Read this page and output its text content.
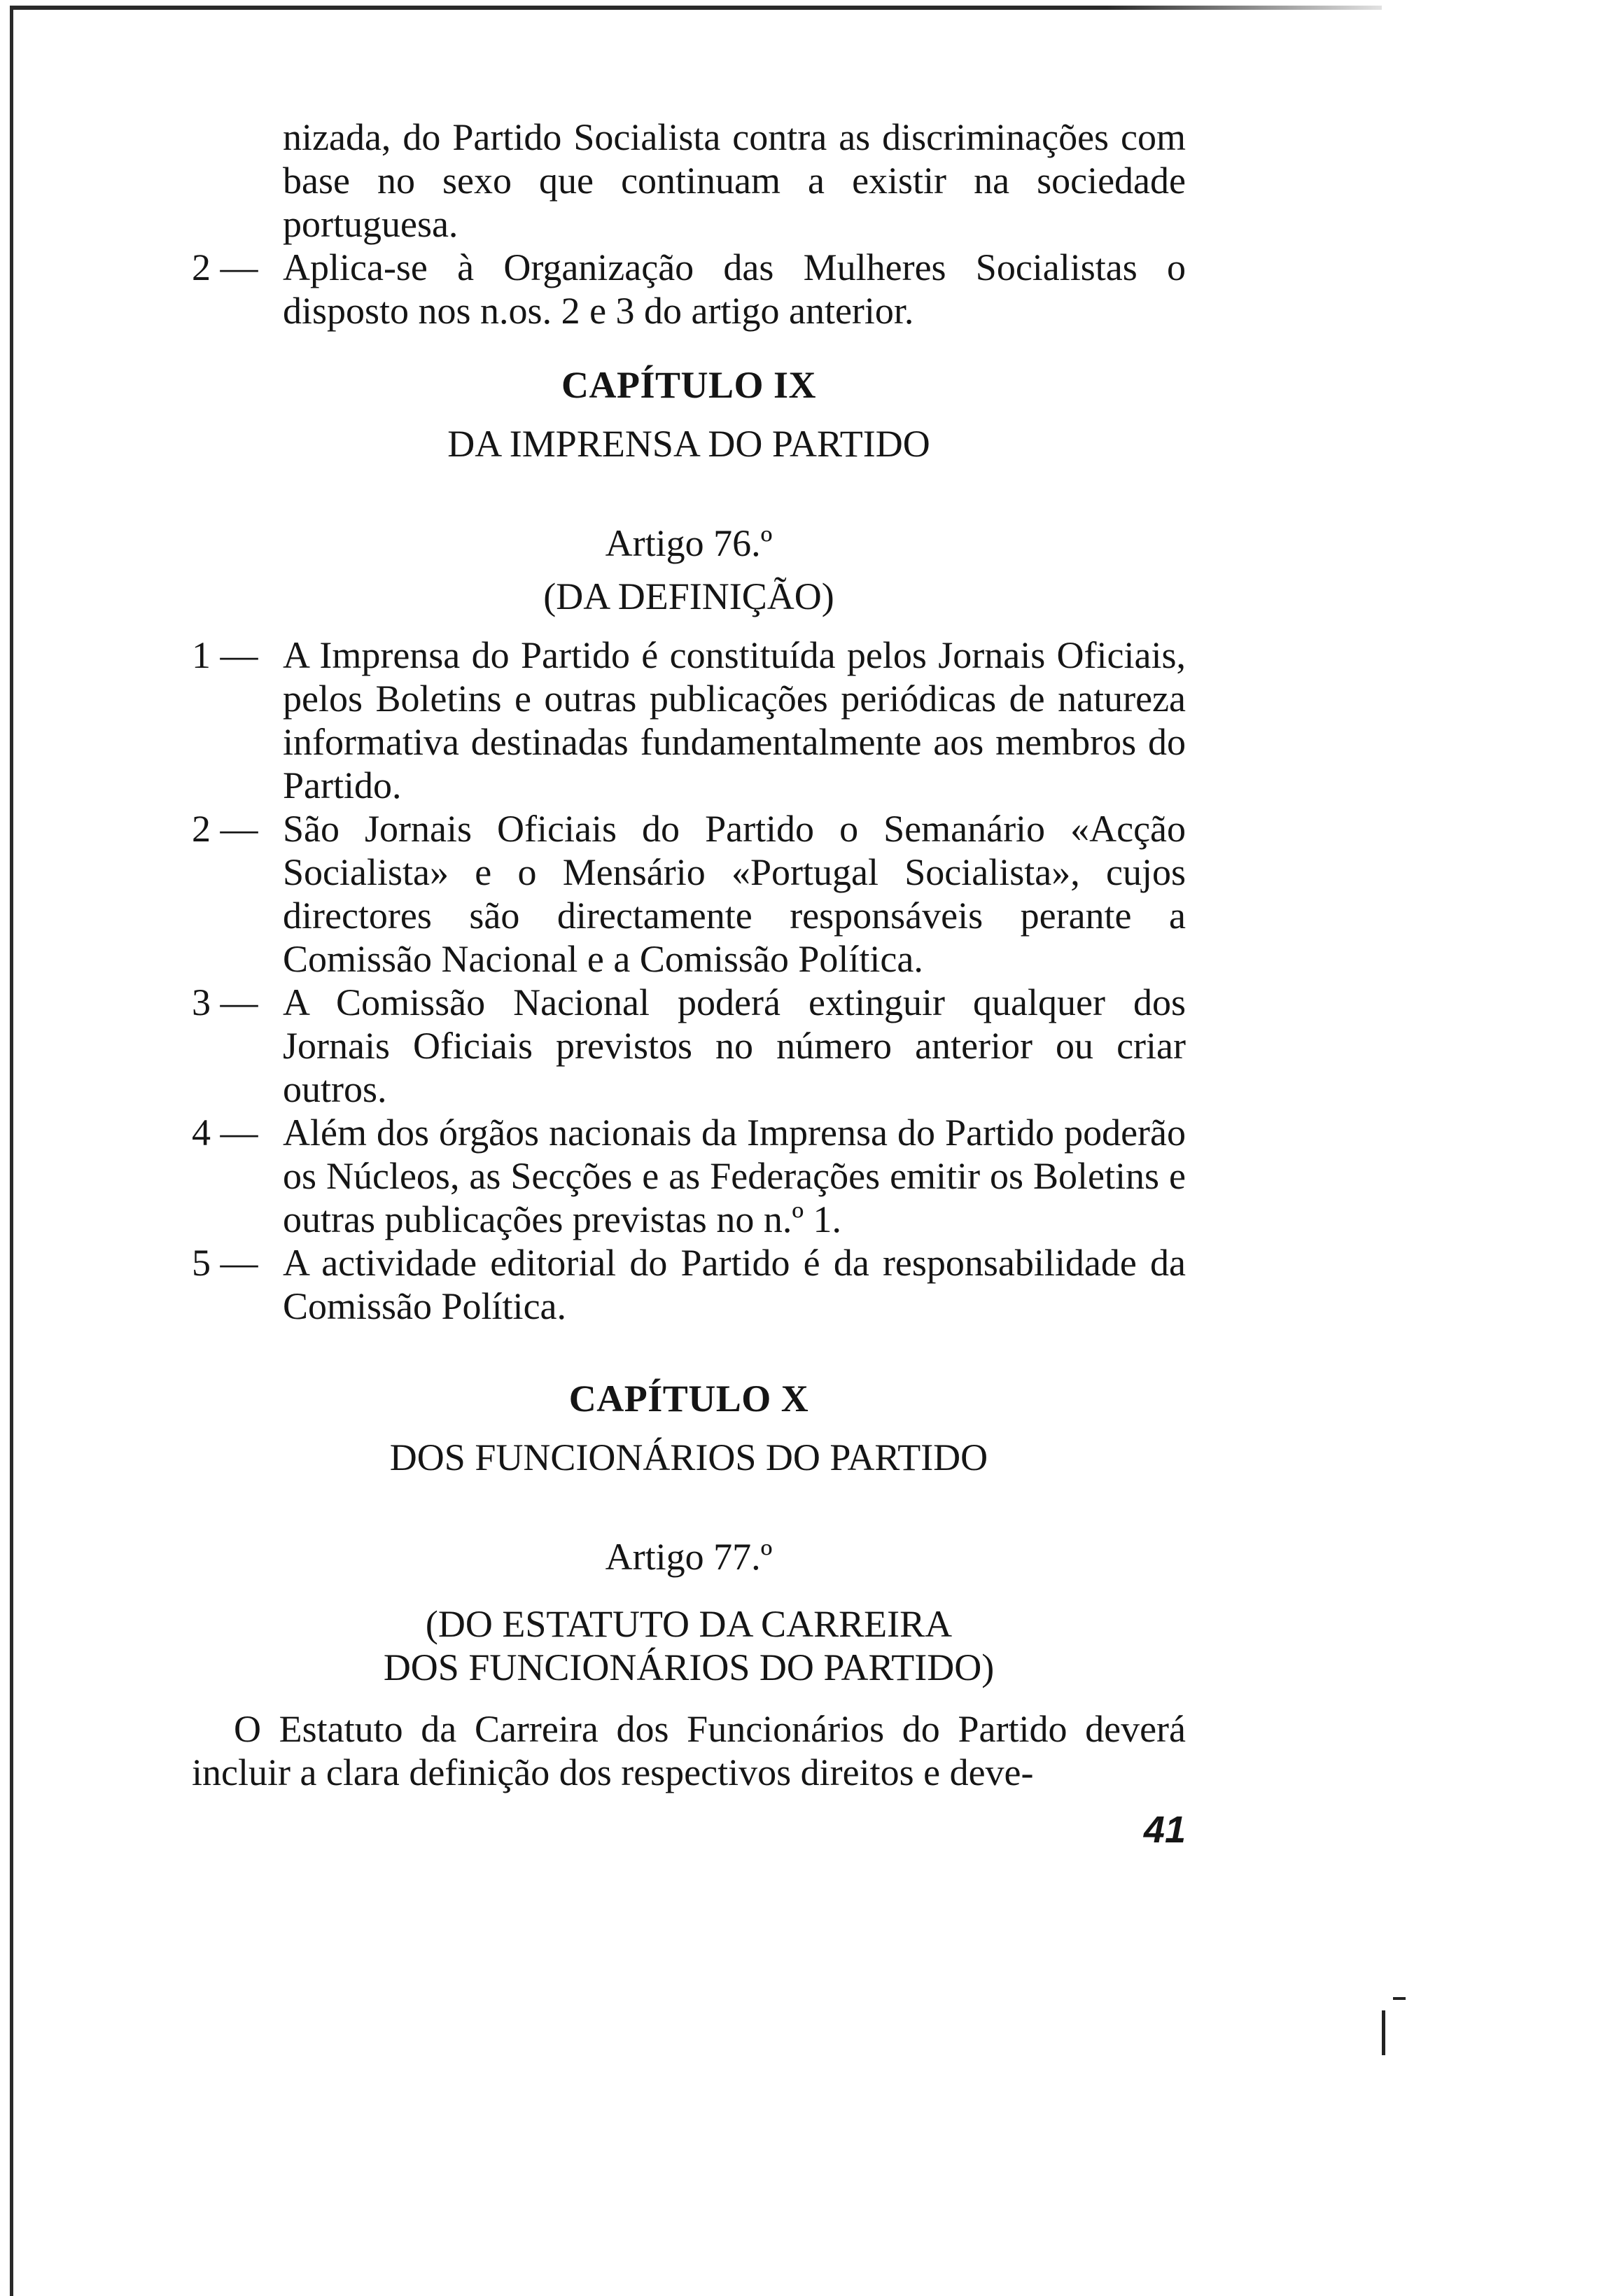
nizada, do Partido Socialista contra as discriminações com base no sexo que continuam a existir na sociedade portuguesa.
2 — Aplica-se à Organização das Mulheres Socialistas o disposto nos n.os. 2 e 3 do artigo anterior.
CAPÍTULO IX
DA IMPRENSA DO PARTIDO
Artigo 76.º
(DA DEFINIÇÃO)
1 — A Imprensa do Partido é constituída pelos Jornais Oficiais, pelos Boletins e outras publicações periódicas de natureza informativa destinadas fundamentalmente aos membros do Partido.
2 — São Jornais Oficiais do Partido o Semanário «Acção Socialista» e o Mensário «Portugal Socialista», cujos directores são directamente responsáveis perante a Comissão Nacional e a Comissão Política.
3 — A Comissão Nacional poderá extinguir qualquer dos Jornais Oficiais previstos no número anterior ou criar outros.
4 — Além dos órgãos nacionais da Imprensa do Partido poderão os Núcleos, as Secções e as Federações emitir os Boletins e outras publicações previstas no n.º 1.
5 — A actividade editorial do Partido é da responsabilidade da Comissão Política.
CAPÍTULO X
DOS FUNCIONÁRIOS DO PARTIDO
Artigo 77.º
(DO ESTATUTO DA CARREIRA
DOS FUNCIONÁRIOS DO PARTIDO)
O Estatuto da Carreira dos Funcionários do Partido deverá incluir a clara definição dos respectivos direitos e deve-
41
